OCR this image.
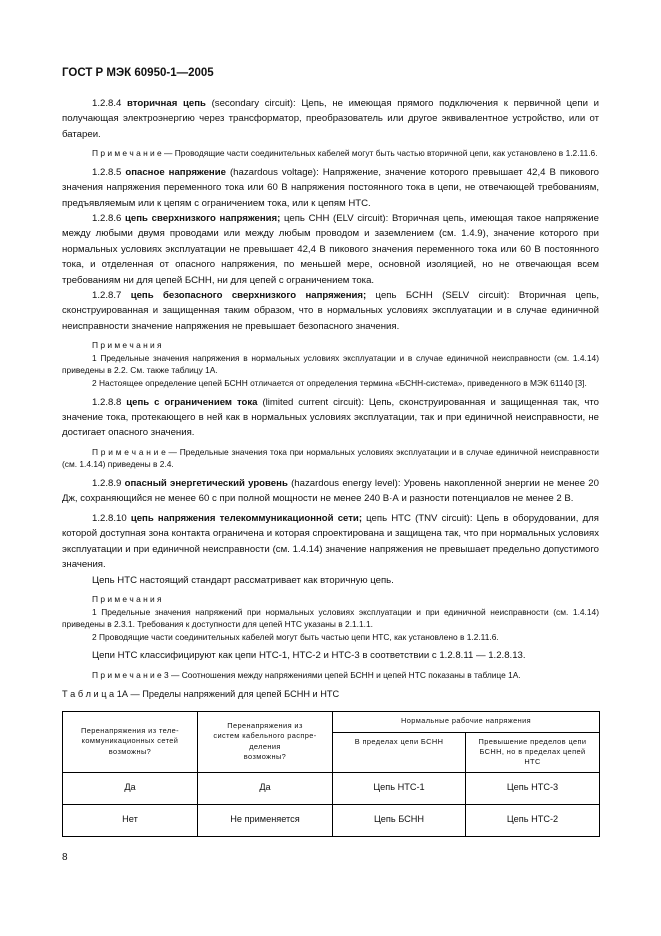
ГОСТ Р МЭК 60950-1—2005

1.2.8.4 вторичная цепь (secondary circuit): Цепь, не имеющая прямого подключения к первичной цепи и получающая электроэнергию через трансформатор, преобразователь или другое эквивалентное устройство, или от батареи.

П р и м е ч а н и е — Проводящие части соединительных кабелей могут быть частью вторичной цепи, как установлено в 1.2.11.6.

1.2.8.5 опасное напряжение (hazardous voltage): Напряжение, значение которого превышает 42,4 В пикового значения напряжения переменного тока или 60 В напряжения постоянного тока в цепи, не отвечающей требованиям, предъявляемым или к цепям с ограничением тока, или к цепям НТС.

1.2.8.6 цепь сверхнизкого напряжения; цепь СНН (ELV circuit): Вторичная цепь, имеющая такое напряжение между любыми двумя проводами или между любым проводом и заземлением (см. 1.4.9), значение которого при нормальных условиях эксплуатации не превышает 42,4 В пикового значения переменного тока или 60 В постоянного тока, и отделенная от опасного напряжения, по меньшей мере, основной изоляцией, но не отвечающая всем требованиям ни для цепей БСНН, ни для цепей с ограничением тока.

1.2.8.7 цепь безопасного сверхнизкого напряжения; цепь БСНН (SELV circuit): Вторичная цепь, сконструированная и защищенная таким образом, что в нормальных условиях эксплуатации и в случае единичной неисправности значение напряжения не превышает безопасного значения.

П р и м е ч а н и я

1 Предельные значения напряжения в нормальных условиях эксплуатации и в случае единичной неисправности (см. 1.4.14) приведены в 2.2. См. также таблицу 1А.

2 Настоящее определение цепей БСНН отличается от определения термина «БСНН-система», приведенного в МЭК 61140 [3].

1.2.8.8 цепь с ограничением тока (limited current circuit): Цепь, сконструированная и защищенная так, что значение тока, протекающего в ней как в нормальных условиях эксплуатации, так и при единичной неисправности, не достигает опасного значения.

П р и м е ч а н и е — Предельные значения тока при нормальных условиях эксплуатации и в случае единичной неисправности (см. 1.4.14) приведены в 2.4.

1.2.8.9 опасный энергетический уровень (hazardous energy level): Уровень накопленной энергии не менее 20 Дж, сохраняющийся не менее 60 с при полной мощности не менее 240 В·А и разности потенциалов не менее 2 В.

1.2.8.10 цепь напряжения телекоммуникационной сети; цепь НТС (TNV circuit): Цепь в оборудовании, для которой доступная зона контакта ограничена и которая спроектирована и защищена так, что при нормальных условиях эксплуатации и при единичной неисправности (см. 1.4.14) значение напряжения не превышает предельно допустимого значения.

Цепь НТС настоящий стандарт рассматривает как вторичную цепь.

П р и м е ч а н и я

1 Предельные значения напряжений при нормальных условиях эксплуатации и при единичной неисправности (см. 1.4.14) приведены в 2.3.1. Требования к доступности для цепей НТС указаны в 2.1.1.1.

2 Проводящие части соединительных кабелей могут быть частью цепи НТС, как установлено в 1.2.11.6.

Цепи НТС классифицируют как цепи НТС-1, НТС-2 и НТС-3 в соответствии с 1.2.8.11 — 1.2.8.13.

П р и м е ч а н и е 3 — Соотношения между напряжениями цепей БСНН и цепей НТС показаны в таблице 1А.

Т а б л и ц а 1А — Пределы напряжений для цепей БСНН и НТС

Перенапряжения из теле-
коммуникационных сетей
возможны?	Перенапряжения из
систем кабельного распре-
деления
возможны?	Нормальные рабочие напряжения	
		В пределах цепи БСНН	Превышение пределов цепи
БСНН, но в пределах цепей
НТС
Да	Да	Цепь НТС-1	Цепь НТС-3
Нет	Не применяется	Цепь БСНН	Цепь НТС-2
8
